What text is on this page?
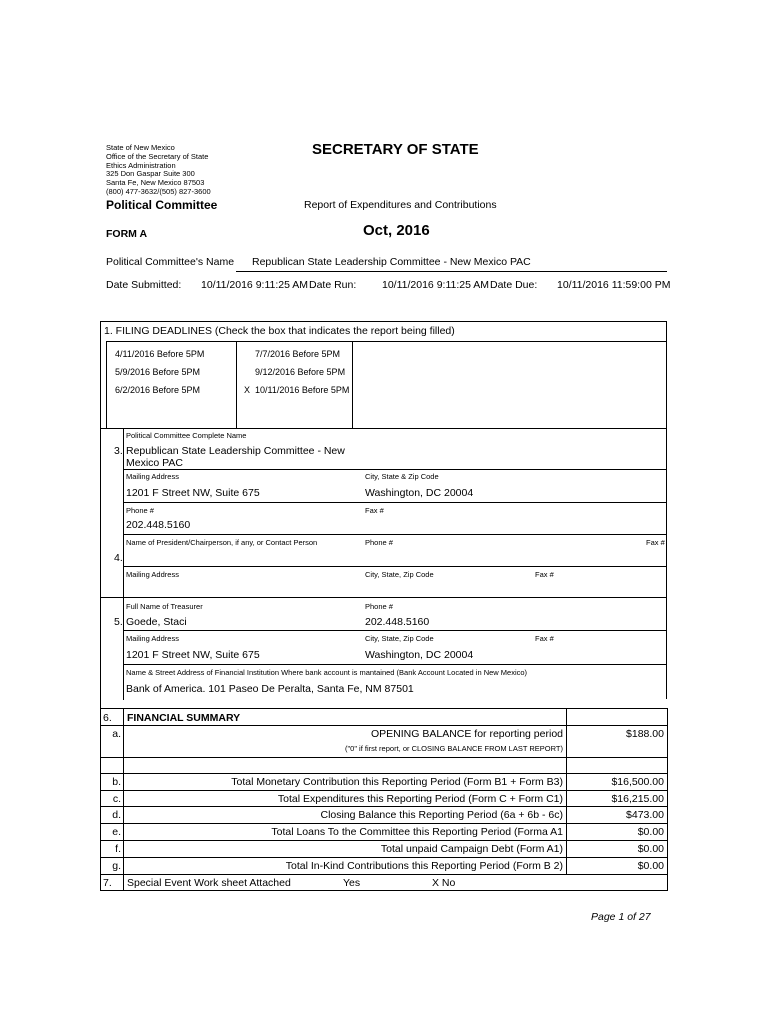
State of New Mexico
Office of the Secretary of State
Ethics Administration
325 Don Gaspar Suite 300
Santa Fe, New Mexico 87503
(800) 477-3632/(505) 827-3600
SECRETARY OF STATE
Political Committee	Report of Expenditures and Contributions
FORM A	Oct, 2016
Political Committee's Name Republican State Leadership Committee - New Mexico PAC
Date Submitted: 10/11/2016 9:11:25 AM Date Run: 10/11/2016 9:11:25 AM Date Due: 10/11/2016 11:59:00 PM
1. FILING DEADLINES (Check the box that indicates the report being filled)
4/11/2016 Before 5PM	7/7/2016 Before 5PM
5/9/2016 Before 5PM	9/12/2016 Before 5PM
6/2/2016 Before 5PM	X 10/11/2016 Before 5PM
Political Committee Complete Name
3. Republican State Leadership Committee - New
Mexico PAC
Mailing Address	City, State & Zip Code
1201 F Street NW, Suite 675	Washington, DC 20004
Phone #	Fax #
202.448.5160
Name of President/Chairperson, if any, or Contact Person	Phone #	Fax #
4.
Mailing Address	City, State, Zip Code	Fax #
Full Name of Treasurer	Phone #
5. Goede, Staci	202.448.5160
Mailing Address	City, State, Zip Code	Fax #
1201 F Street NW, Suite 675	Washington, DC 20004
Name & Street Address of Financial Institution Where bank account is mantained (Bank Account Located in New Mexico)
Bank of America. 101 Paseo De Peralta, Santa Fe, NM 87501
6. FINANCIAL SUMMARY
a.	OPENING BALANCE for reporting period	$188.00
("0" if first report, or CLOSING BALANCE FROM LAST REPORT)
b.	Total Monetary Contribution this Reporting Period (Form B1 + Form B3)	$16,500.00
c.	Total Expenditures this Reporting Period (Form C + Form C1)	$16,215.00
d.	Closing Balance this Reporting Period (6a + 6b - 6c)	$473.00
e.	Total Loans To the Committee this Reporting Period (Forma A1	$0.00
f.	Total unpaid Campaign Debt (Form A1)	$0.00
g.	Total In-Kind Contributions this Reporting Period (Form B 2)	$0.00
7. Special Event Work sheet Attached	Yes	X No
Page 1 of 27
